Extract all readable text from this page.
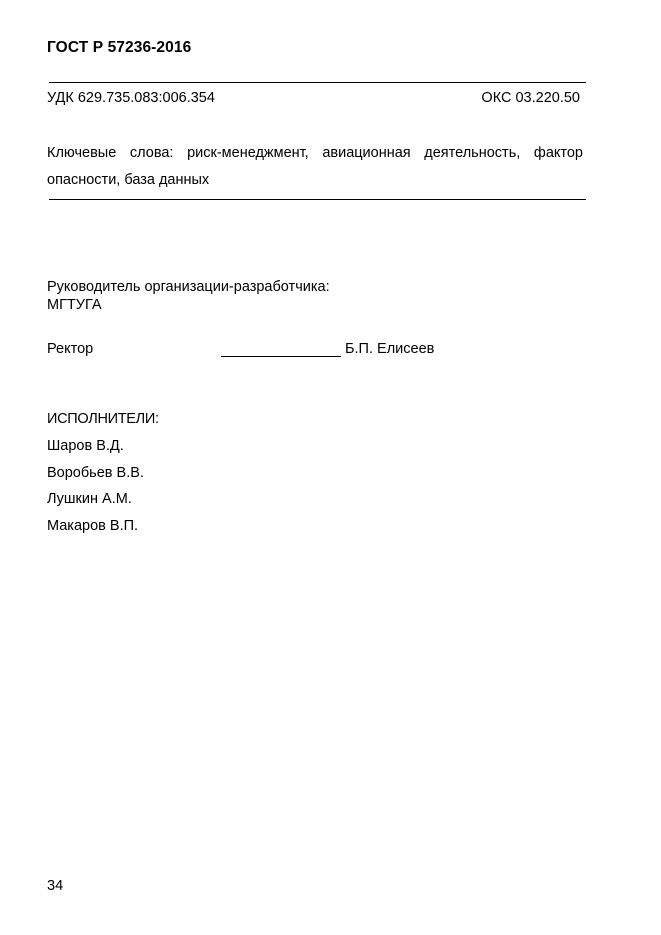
ГОСТ Р 57236-2016
УДК 629.735.083:006.354	ОКС 03.220.50
Ключевые слова: риск-менеджмент, авиационная деятельность, фактор опасности, база данных
Руководитель организации-разработчика:
МГТУГА
Ректор	Б.П. Елисеев
ИСПОЛНИТЕЛИ:
Шаров В.Д.
Воробьев В.В.
Лушкин А.М.
Макаров В.П.
34
